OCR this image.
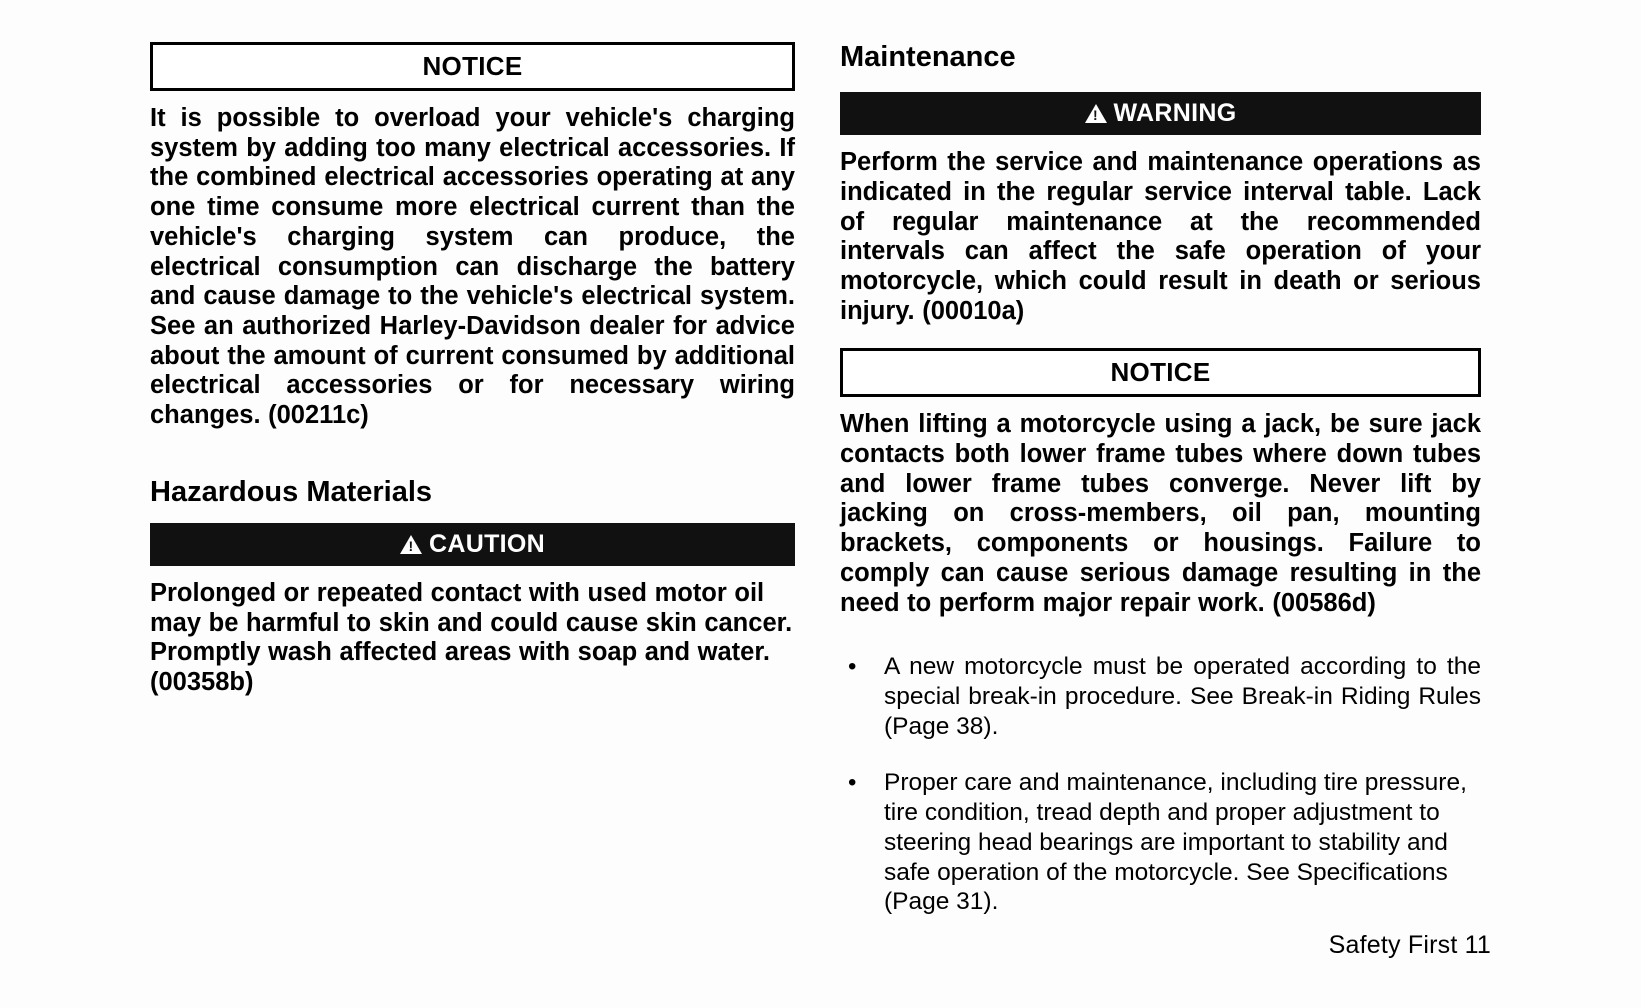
NOTICE

It is possible to overload your vehicle's charging system by adding too many electrical accessories. If the combined electrical accessories operating at any one time consume more electrical current than the vehicle's charging system can produce, the electrical consumption can discharge the battery and cause damage to the vehicle's electrical system. See an authorized Harley-Davidson dealer for advice about the amount of current consumed by additional electrical accessories or for necessary wiring changes. (00211c)

Hazardous Materials
!CAUTION

Prolonged or repeated contact with used motor oil may be harmful to skin and could cause skin cancer. Promptly wash affected areas with soap and water. (00358b)

Maintenance
!WARNING

Perform the service and maintenance operations as indicated in the regular service interval table. Lack of regular maintenance at the recommended intervals can affect the safe operation of your motorcycle, which could result in death or serious injury. (00010a)

NOTICE

When lifting a motorcycle using a jack, be sure jack contacts both lower frame tubes where down tubes and lower frame tubes converge. Never lift by jacking on cross-members, oil pan, mounting brackets, components or housings. Failure to comply can cause serious damage resulting in the need to perform major repair work. (00586d)

• A new motorcycle must be operated according to the special break-in procedure. See Break-in Riding Rules (Page 38).
• Proper care and maintenance, including tire pressure, tire condition, tread depth and proper adjustment to steering head bearings are important to stability and safe operation of the motorcycle. See Specifications (Page 31).
Safety First 11
